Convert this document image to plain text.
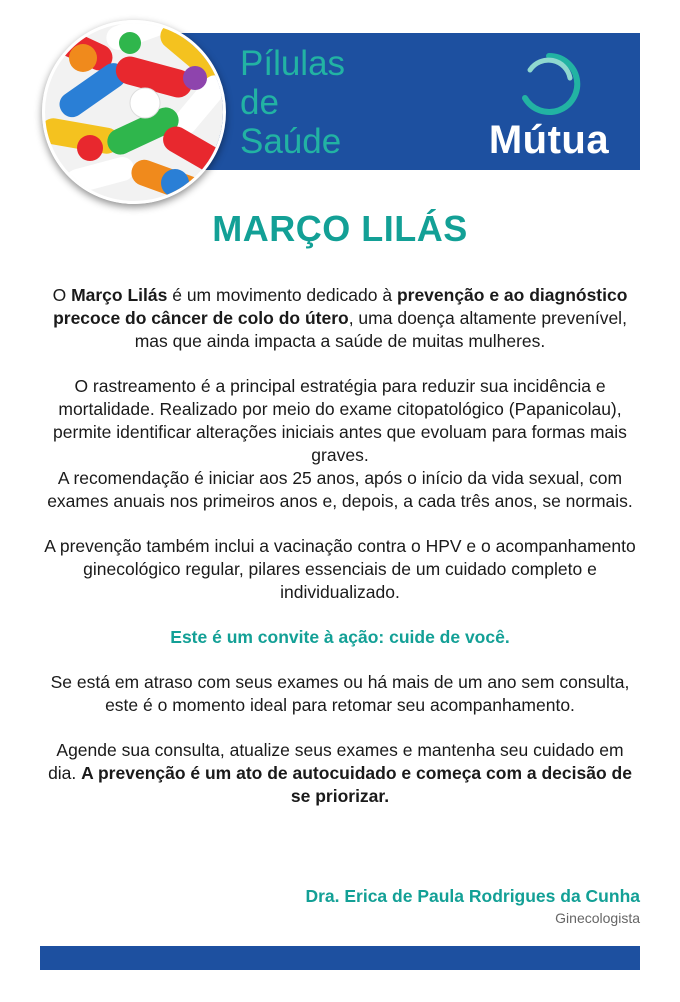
Pílulas
de
Saúde	Mútua
MARÇO LILÁS

O Março Lilás é um movimento dedicado à prevenção e ao diagnóstico precoce do câncer de colo do útero, uma doença altamente prevenível, mas que ainda impacta a saúde de muitas mulheres.

O rastreamento é a principal estratégia para reduzir sua incidência e mortalidade. Realizado por meio do exame citopatológico (Papanicolau), permite identificar alterações iniciais antes que evoluam para formas mais graves.

A recomendação é iniciar aos 25 anos, após o início da vida sexual, com exames anuais nos primeiros anos e, depois, a cada três anos, se normais.

A prevenção também inclui a vacinação contra o HPV e o acompanhamento ginecológico regular, pilares essenciais de um cuidado completo e individualizado.

Este é um convite à ação: cuide de você.

Se está em atraso com seus exames ou há mais de um ano sem consulta, este é o momento ideal para retomar seu acompanhamento.

Agende sua consulta, atualize seus exames e mantenha seu cuidado em dia. A prevenção é um ato de autocuidado e começa com a decisão de se priorizar.

Dra. Erica de Paula Rodrigues da Cunha
Ginecologista
